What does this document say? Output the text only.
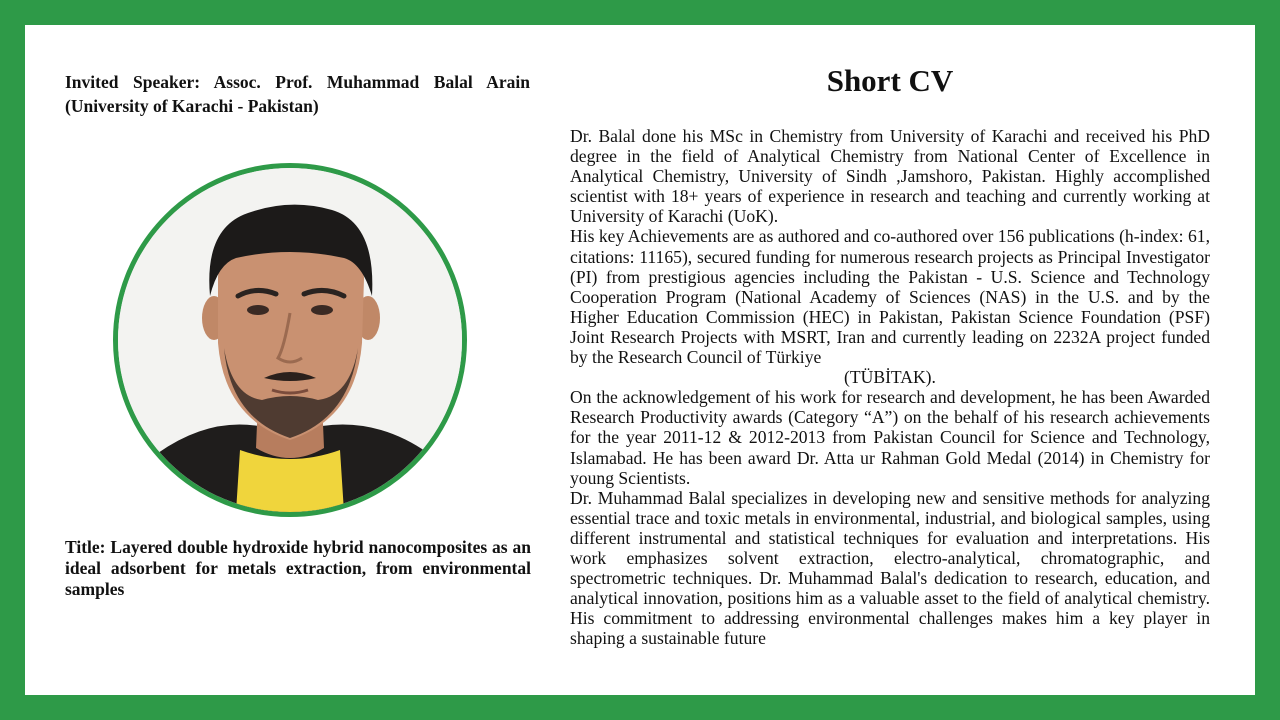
Invited Speaker: Assoc. Prof. Muhammad Balal Arain (University of Karachi - Pakistan)
Title: Layered double hydroxide hybrid nanocomposites as an ideal adsorbent for metals extraction, from environmental samples
Short CV

Dr. Balal done his MSc in Chemistry from University of Karachi and received his PhD degree in the field of Analytical Chemistry from National Center of Excellence in Analytical Chemistry, University of Sindh ,Jamshoro, Pakistan. Highly accomplished scientist with 18+ years of experience in research and teaching and currently working at University of Karachi (UoK).

His key Achievements are as authored and co-authored over 156 publications (h-index: 61, citations: 11165), secured funding for numerous research projects as Principal Investigator (PI) from prestigious agencies including the Pakistan - U.S. Science and Technology Cooperation Program (National Academy of Sciences (NAS) in the U.S. and by the Higher Education Commission (HEC) in Pakistan, Pakistan Science Foundation (PSF) Joint Research Projects with MSRT, Iran and currently leading on 2232A project funded by the Research Council of Türkiye

(TÜBİTAK).

On the acknowledgement of his work for research and development, he has been Awarded Research Productivity awards (Category “A”) on the behalf of his research achievements for the year 2011-12 & 2012-2013 from Pakistan Council for Science and Technology, Islamabad. He has been award Dr. Atta ur Rahman Gold Medal (2014) in Chemistry for young Scientists.

Dr. Muhammad Balal specializes in developing new and sensitive methods for analyzing essential trace and toxic metals in environmental, industrial, and biological samples, using different instrumental and statistical techniques for evaluation and interpretations. His work emphasizes solvent extraction, electro-analytical, chromatographic, and spectrometric techniques. Dr. Muhammad Balal's dedication to research, education, and analytical innovation, positions him as a valuable asset to the field of analytical chemistry. His commitment to addressing environmental challenges makes him a key player in shaping a sustainable future
